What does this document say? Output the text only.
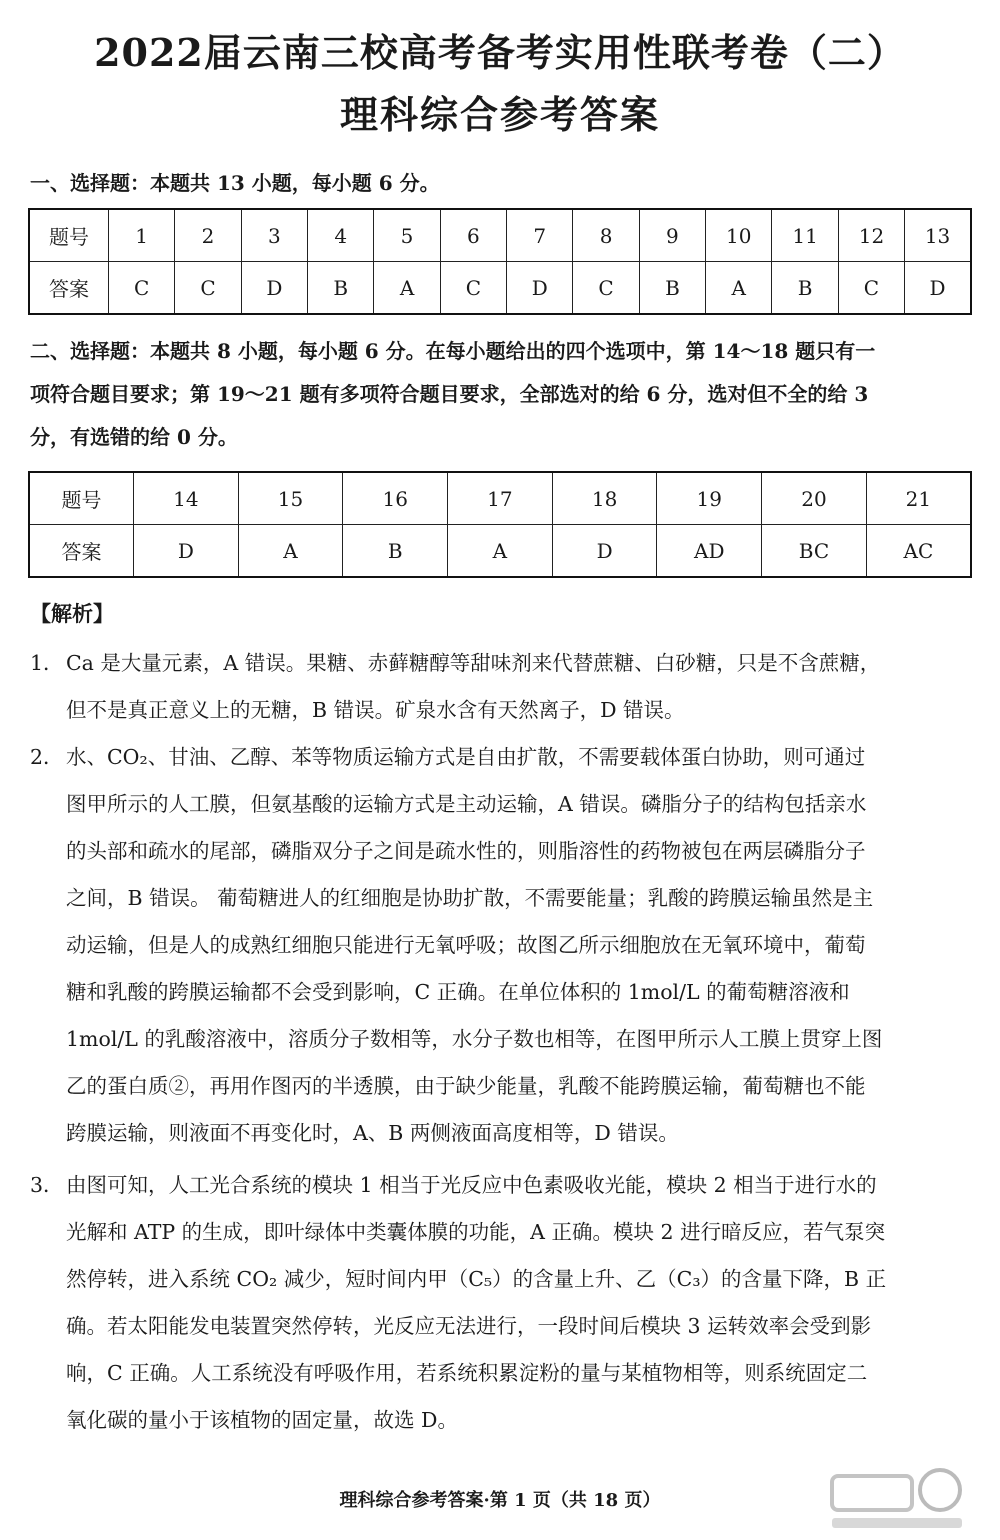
2022届云南三校高考备考实用性联考卷（二）
理科综合参考答案
一、选择题：本题共 13 小题，每小题 6 分。
题号	1	2	3	4	5	6	7	8	9	10	11	12	13
答案	C	C	D	B	A	C	D	C	B	A	B	C	D
二、选择题：本题共 8 小题，每小题 6 分。在每小题给出的四个选项中，第 14～18 题只有一
项符合题目要求；第 19～21 题有多项符合题目要求，全部选对的给 6 分，选对但不全的给 3
分，有选错的给 0 分。
题号	14	15	16	17	18	19	20	21
答案	D	A	B	A	D	AD	BC	AC
【解析】
1． Ca 是大量元素，A 错误。果糖、赤藓糖醇等甜味剂来代替蔗糖、白砂糖，只是不含蔗糖，
但不是真正意义上的无糖，B 错误。矿泉水含有天然离子，D 错误。
2． 水、CO₂、甘油、乙醇、苯等物质运输方式是自由扩散，不需要载体蛋白协助，则可通过
图甲所示的人工膜，但氨基酸的运输方式是主动运输，A 错误。磷脂分子的结构包括亲水
的头部和疏水的尾部，磷脂双分子之间是疏水性的，则脂溶性的药物被包在两层磷脂分子
之间，B 错误。 葡萄糖进人的红细胞是协助扩散，不需要能量；乳酸的跨膜运输虽然是主
动运输，但是人的成熟红细胞只能进行无氧呼吸；故图乙所示细胞放在无氧环境中，葡萄
糖和乳酸的跨膜运输都不会受到影响，C 正确。在单位体积的 1mol/L 的葡萄糖溶液和
1mol/L 的乳酸溶液中，溶质分子数相等，水分子数也相等，在图甲所示人工膜上贯穿上图
乙的蛋白质②，再用作图丙的半透膜，由于缺少能量，乳酸不能跨膜运输，葡萄糖也不能
跨膜运输，则液面不再变化时，A、B 两侧液面高度相等，D 错误。
3． 由图可知，人工光合系统的模块 1 相当于光反应中色素吸收光能，模块 2 相当于进行水的
光解和 ATP 的生成，即叶绿体中类囊体膜的功能，A 正确。模块 2 进行暗反应，若气泵突
然停转，进入系统 CO₂ 减少，短时间内甲（C₅）的含量上升、乙（C₃）的含量下降，B 正
确。若太阳能发电装置突然停转，光反应无法进行，一段时间后模块 3 运转效率会受到影
响，C 正确。人工系统没有呼吸作用，若系统积累淀粉的量与某植物相等，则系统固定二
氧化碳的量小于该植物的固定量，故选 D。
理科综合参考答案·第 1 页（共 18 页）
